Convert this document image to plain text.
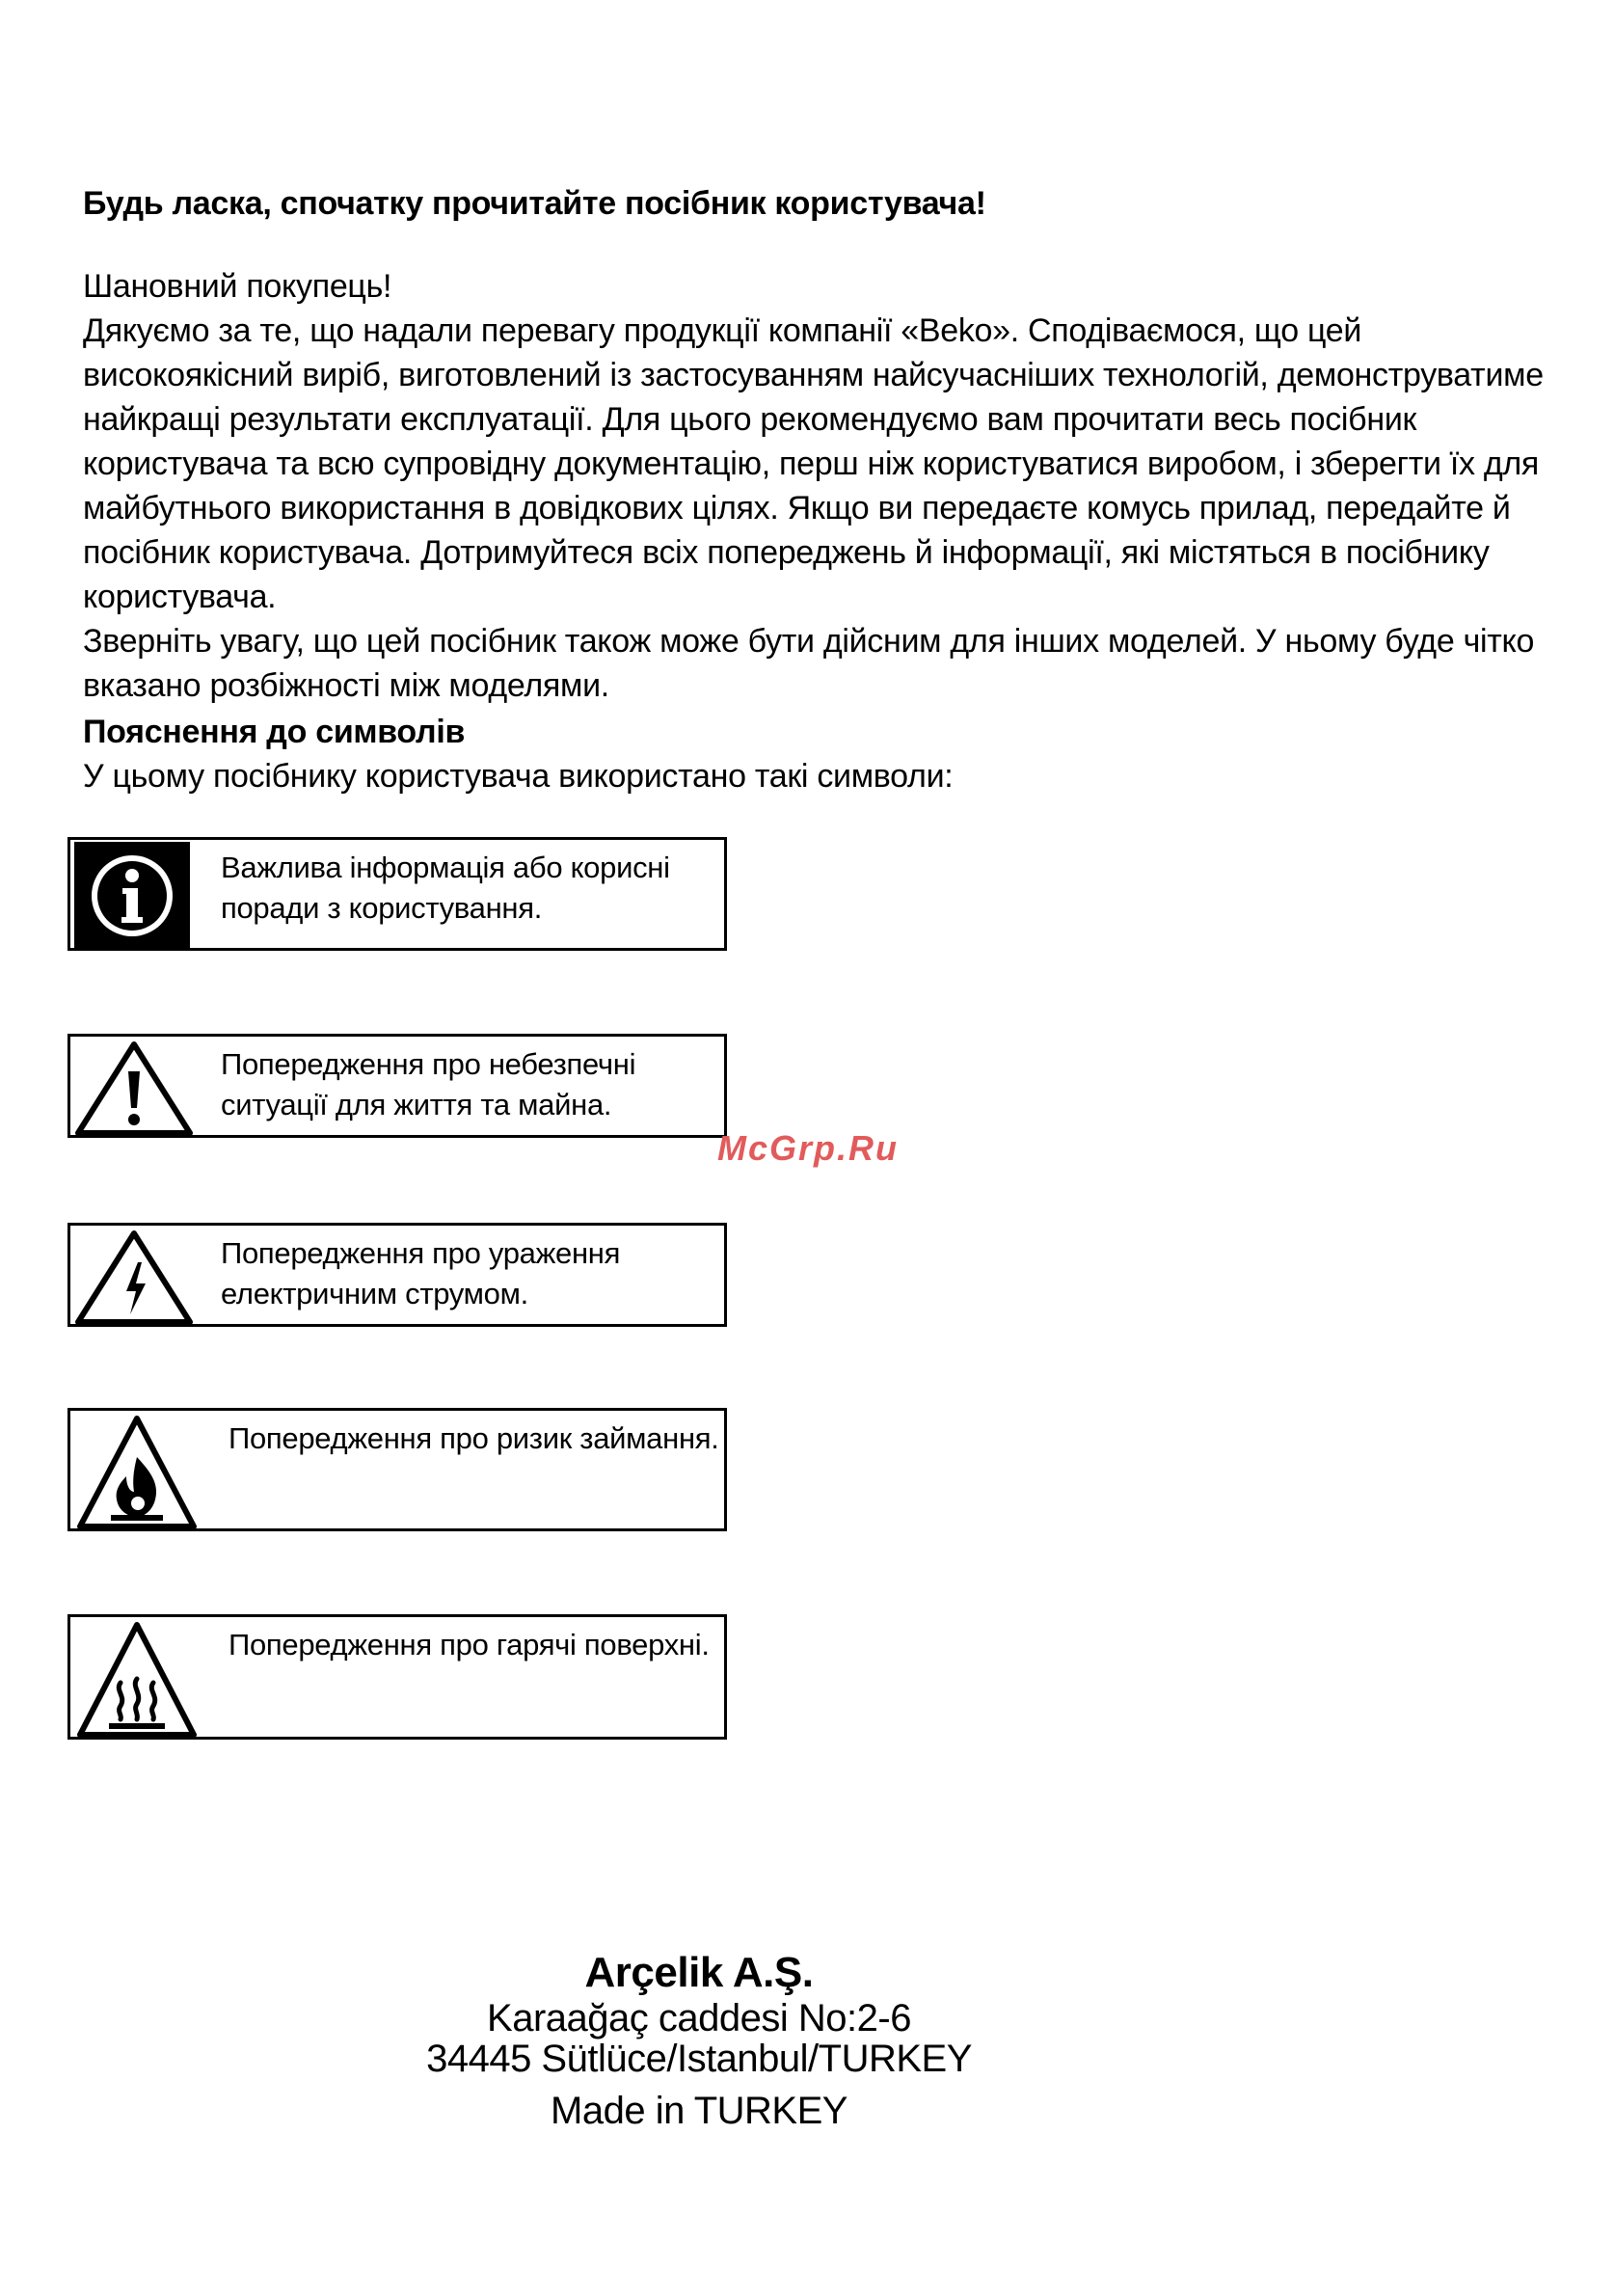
Будь ласка, спочатку прочитайте посібник користувача!

Шановний покупець!

Дякуємо за те, що надали перевагу продукції компанії «Beko». Сподіваємося, що цей високоякісний виріб, виготовлений із застосуванням найсучасніших технологій, демонструватиме найкращі результати експлуатації. Для цього рекомендуємо вам прочитати весь посібник користувача та всю супровідну документацію, перш ніж користуватися виробом, і зберегти їх для майбутнього використання в довідкових цілях. Якщо ви передаєте комусь прилад, передайте й посібник користувача. Дотримуйтеся всіх попереджень й інформації, які містяться в посібнику користувача.

Зверніть увагу, що цей посібник також може бути дійсним для інших моделей. У ньому буде чітко вказано розбіжності між моделями.

Пояснення до символів
У цьому посібнику користувача використано такі символи:
Важлива інформація або корисні
поради з користування.
Попередження про небезпечні
ситуації для життя та майна.
Попередження про ураження
електричним струмом.
Попередження про ризик займання.
Попередження про гарячі поверхні.
McGrp.Ru
Arçelik A.Ş.
Karaağaç caddesi No:2-6
34445 Sütlüce/Istanbul/TURKEY
Made in TURKEY
